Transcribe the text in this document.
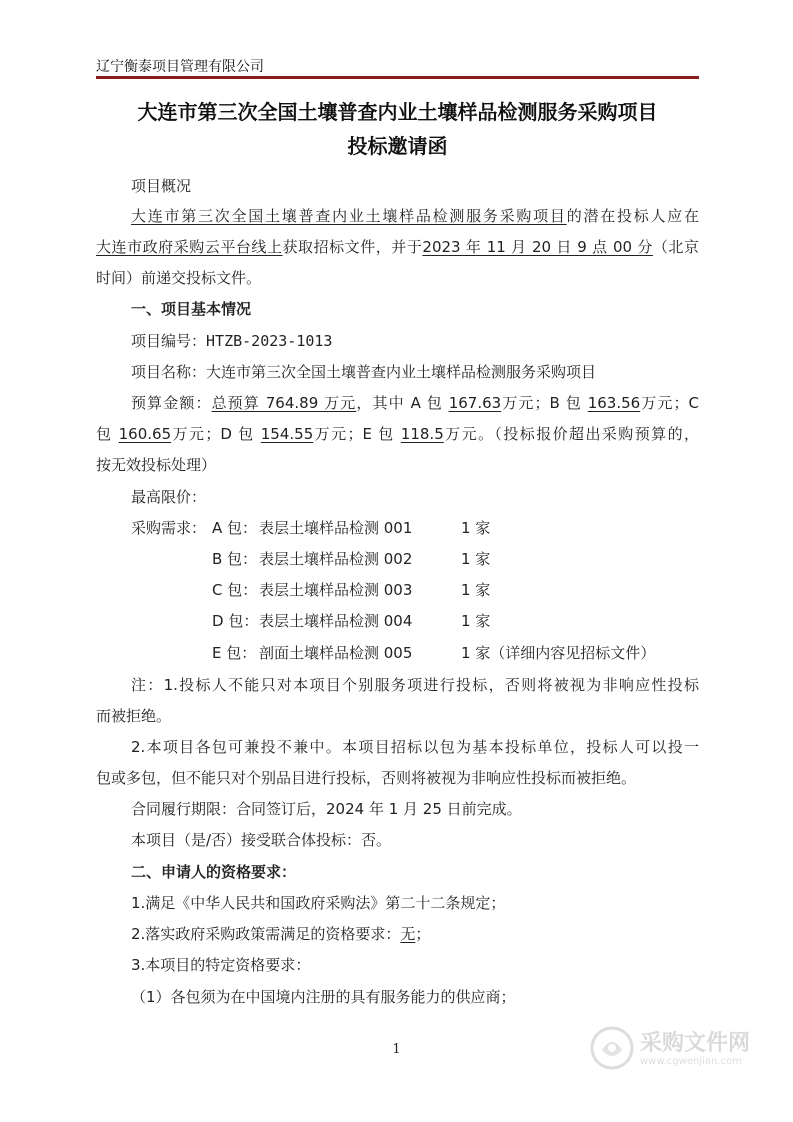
辽宁衡泰项目管理有限公司
大连市第三次全国土壤普查内业土壤样品检测服务采购项目
投标邀请函
项目概况
大连市第三次全国土壤普查内业土壤样品检测服务采购项目的潜在投标人应在
大连市政府采购云平台线上获取招标文件，并于2023 年 11 月 20 日 9 点 00 分（北京
时间）前递交投标文件。
一、项目基本情况
项目编号：HTZB-2023-1013
项目名称：大连市第三次全国土壤普查内业土壤样品检测服务采购项目
预算金额：总预算 764.89 万元，其中 A 包 167.63万元；B 包 163.56万元；C
包 160.65万元；D 包 154.55万元；E 包 118.5万元。（投标报价超出采购预算的，
按无效投标处理）
最高限价：
采购需求： A 包： 表层土壤样品检测 001	1 家
B 包： 表层土壤样品检测 002	1 家
C 包： 表层土壤样品检测 003	1 家
D 包： 表层土壤样品检测 004	1 家
E 包： 剖面土壤样品检测 005	1 家（详细内容见招标文件）
注：1.投标人不能只对本项目个别服务项进行投标，否则将被视为非响应性投标
而被拒绝。
2.本项目各包可兼投不兼中。本项目招标以包为基本投标单位，投标人可以投一
包或多包，但不能只对个别品目进行投标，否则将被视为非响应性投标而被拒绝。
合同履行期限：合同签订后，2024 年 1 月 25 日前完成。
本项目（是/否）接受联合体投标：否。
二、申请人的资格要求：
1.满足《中华人民共和国政府采购法》第二十二条规定；
2.落实政府采购政策需满足的资格要求：无；
3.本项目的特定资格要求：
（1）各包须为在中国境内注册的具有服务能力的供应商；
1	采购文件网
www.cgwenjian.com
